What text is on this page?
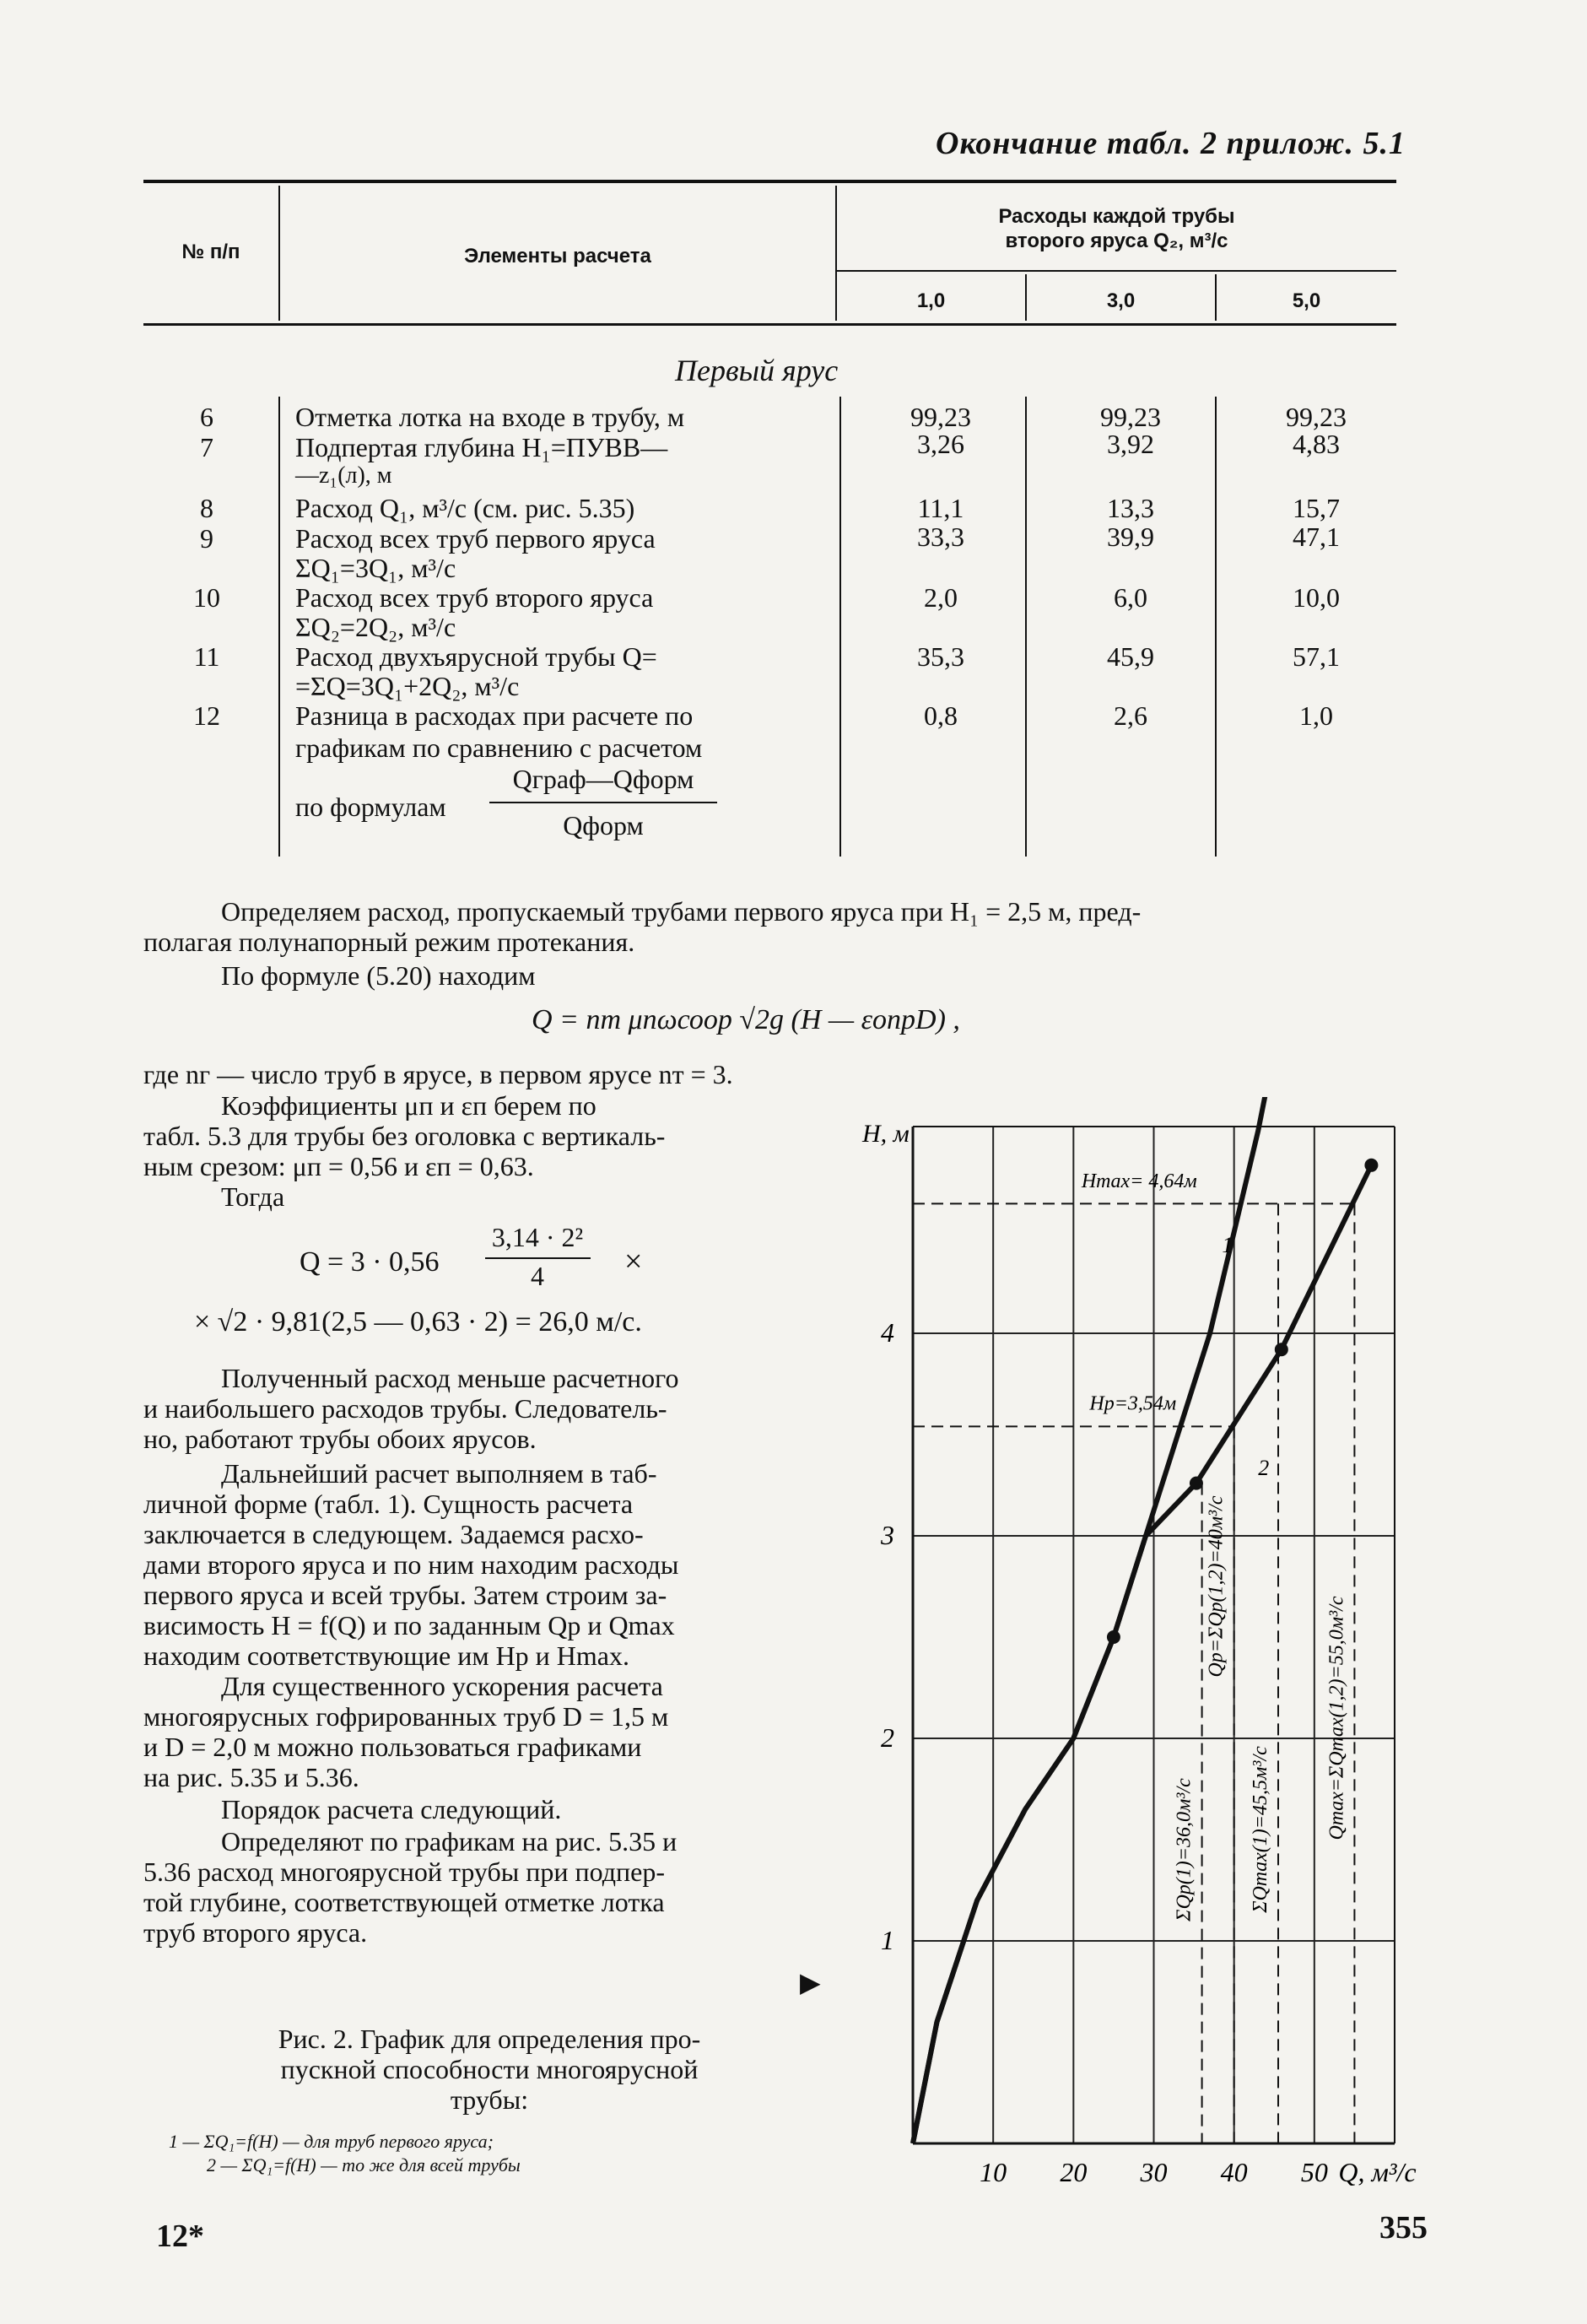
Окончание табл. 2 прилож. 5.1
№ п/п	Элементы расчета
Расходы каждой трубы
второго яруса Q₂, м³/с
1,0	3,0	5,0
Первый ярус
6	Отметка лотка на входе в трубу, м	99,23	99,23	99,23
7	Подпертая глубина H₁=ПУВВ—
—z₁(л), м
3,26	3,92	4,83
8	Расход Q₁, м³/с (см. рис. 5.35)	11,1	13,3	15,7
9	Расход всех труб первого яруса
ΣQ₁=3Q₁, м³/с
33,3	39,9	47,1
10	Расход всех труб второго яруса
ΣQ₂=2Q₂, м³/с
2,0	6,0	10,0
11	Расход двухъярусной трубы Q=
=ΣQ=3Q₁+2Q₂, м³/с
35,3	45,9	57,1
12	Разница в расходах при расчете по
графикам по сравнению с расчетом
по формулам
Qграф—Qформ
Qформ
0,8	2,6	1,0
Определяем расход, пропускаемый трубами первого яруса при H₁ = 2,5 м, пред-
полагая полунапорный режим протекания.
По формуле (5.20) находим
Q = nт μпωсоор √2g (H — εопрD) ,
где nг — число труб в ярусе, в первом ярусе nт = 3.
Коэффициенты μп и εп берем по
табл. 5.3 для трубы без оголовка с вертикаль-
ным срезом: μп = 0,56 и εп = 0,63.
Тогда
Q = 3 · 0,56
3,14 · 2²
4	×
× √2 · 9,81(2,5 — 0,63 · 2) = 26,0 м/с.
Полученный расход меньше расчетного
и наибольшего расходов трубы. Следователь-
но, работают трубы обоих ярусов.
Дальнейший расчет выполняем в таб-
личной форме (табл. 1). Сущность расчета
заключается в следующем. Задаемся расхо-
дами второго яруса и по ним находим расходы
первого яруса и всей трубы. Затем строим за-
висимость H = f(Q) и по заданным Qp и Qmax
находим соответствующие им Hр и Hmax.
Для существенного ускорения расчета
многоярусных гофрированных труб D = 1,5 м
и D = 2,0 м можно пользоваться графиками
на рис. 5.35 и 5.36.
Порядок расчета следующий.
Определяют по графикам на рис. 5.35 и
5.36 расход многоярусной трубы при подпер-
той глубине, соответствующей отметке лотка
труб второго яруса.
▶
Рис. 2. График для определения про-
пускной способности многоярусной
трубы:
1 — ΣQ₁=f(H) — для труб первого яруса;
2 — ΣQ₁=f(H) — то же для всей трубы
12*	355
10 20 30 40 50
1
2
3
4
H, м
Q, м³/с
Hmax= 4,64м
Hp=3,54м
1
2
ΣQp(1)=36,0м³/с
Qp=ΣQp(1,2)=40м³/с
ΣQmax(1)=45,5м³/с	Qmax=ΣQmax(1,2)=55,0м³/с
